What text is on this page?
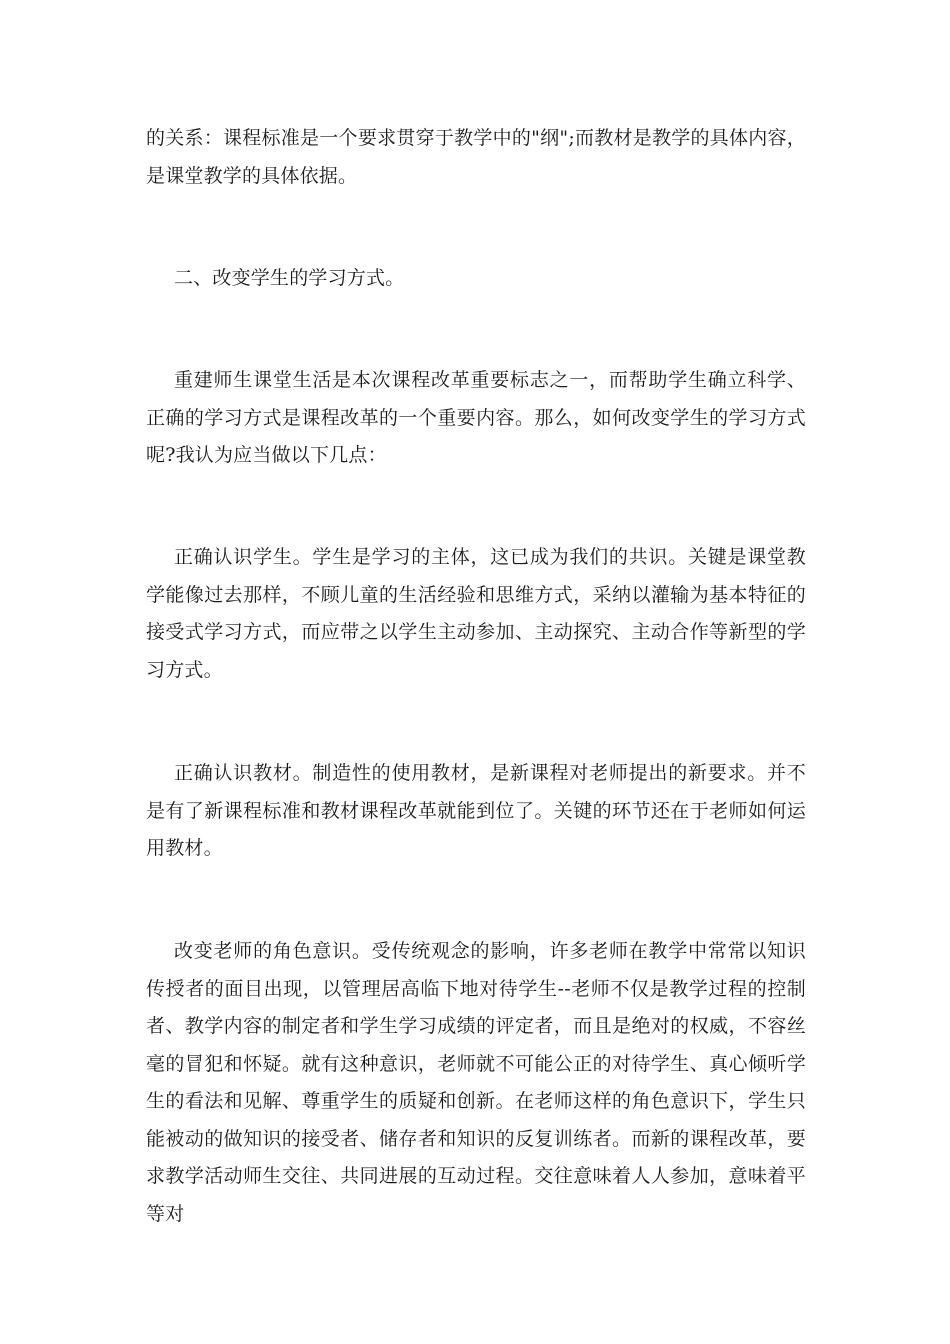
的关系：课程标准是一个要求贯穿于教学中的"纲";而教材是教学的具体内容，是课堂教学的具体依据。

二、改变学生的学习方式。

重建师生课堂生活是本次课程改革重要标志之一，而帮助学生确立科学、正确的学习方式是课程改革的一个重要内容。那么，如何改变学生的学习方式呢?我认为应当做以下几点：

正确认识学生。学生是学习的主体，这已成为我们的共识。关键是课堂教学能像过去那样，不顾儿童的生活经验和思维方式，采纳以灌输为基本特征的接受式学习方式，而应带之以学生主动参加、主动探究、主动合作等新型的学习方式。

正确认识教材。制造性的使用教材，是新课程对老师提出的新要求。并不是有了新课程标准和教材课程改革就能到位了。关键的环节还在于老师如何运用教材。

改变老师的角色意识。受传统观念的影响，许多老师在教学中常常以知识传授者的面目出现，以管理居高临下地对待学生--老师不仅是教学过程的控制者、教学内容的制定者和学生学习成绩的评定者，而且是绝对的权威，不容丝毫的冒犯和怀疑。就有这种意识，老师就不可能公正的对待学生、真心倾听学生的看法和见解、尊重学生的质疑和创新。在老师这样的角色意识下，学生只能被动的做知识的接受者、储存者和知识的反复训练者。而新的课程改革，要求教学活动师生交往、共同进展的互动过程。交往意味着人人参加，意味着平等对
